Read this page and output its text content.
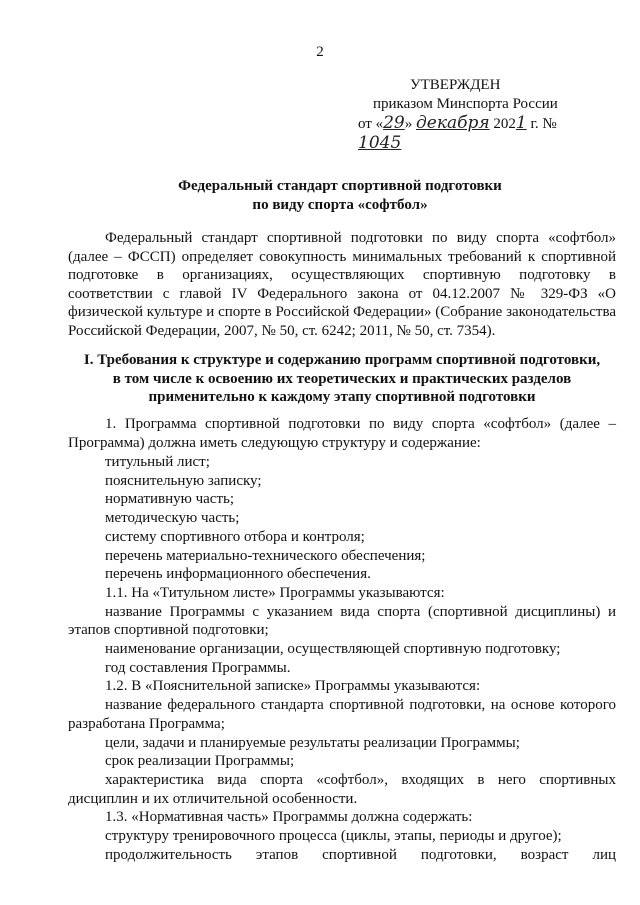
2
УТВЕРЖДЕН
приказом Минспорта России
от «29» декабря 2021 г. № 1045
Федеральный стандарт спортивной подготовки
по виду спорта «софтбол»
Федеральный стандарт спортивной подготовки по виду спорта «софтбол» (далее – ФССП) определяет совокупность минимальных требований к спортивной подготовке в организациях, осуществляющих спортивную подготовку в соответствии с главой IV Федерального закона от 04.12.2007 № 329-ФЗ «О физической культуре и спорте в Российской Федерации» (Собрание законодательства Российской Федерации, 2007, № 50, ст. 6242; 2011, № 50, ст. 7354).
I. Требования к структуре и содержанию программ спортивной подготовки,
в том числе к освоению их теоретических и практических разделов
применительно к каждому этапу спортивной подготовки
1. Программа спортивной подготовки по виду спорта «софтбол» (далее – Программа) должна иметь следующую структуру и содержание:
титульный лист;
пояснительную записку;
нормативную часть;
методическую часть;
систему спортивного отбора и контроля;
перечень материально-технического обеспечения;
перечень информационного обеспечения.
1.1. На «Титульном листе» Программы указываются:
название Программы с указанием вида спорта (спортивной дисциплины) и этапов спортивной подготовки;
наименование организации, осуществляющей спортивную подготовку;
год составления Программы.
1.2. В «Пояснительной записке» Программы указываются:
название федерального стандарта спортивной подготовки, на основе которого разработана Программа;
цели, задачи и планируемые результаты реализации Программы;
срок реализации Программы;
характеристика вида спорта «софтбол», входящих в него спортивных дисциплин и их отличительной особенности.
1.3. «Нормативная часть» Программы должна содержать:
структуру тренировочного процесса (циклы, этапы, периоды и другое);
продолжительность этапов спортивной подготовки, возраст лиц
